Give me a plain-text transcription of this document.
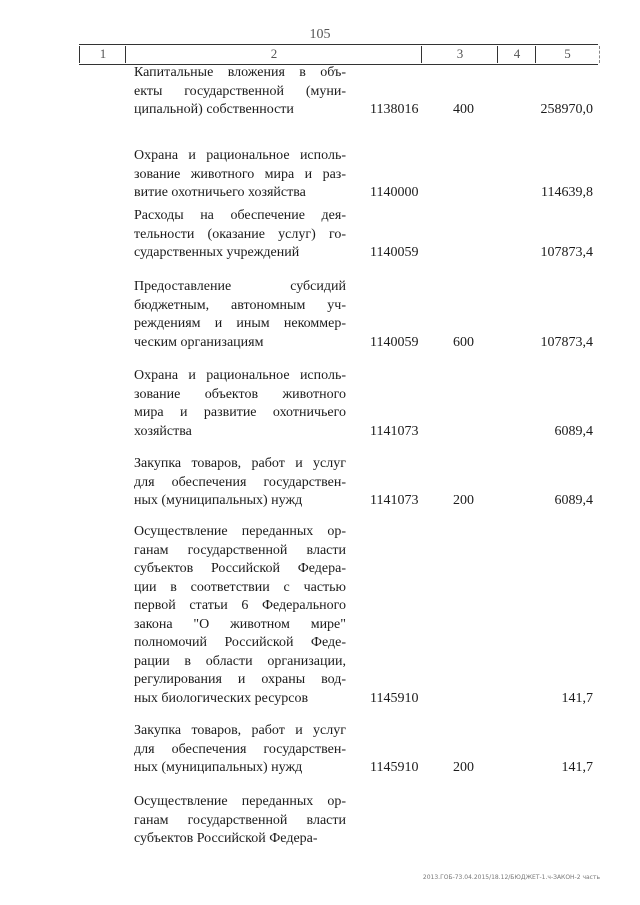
105
1	2	3	4	5
Капитальные вложения в объ-
екты государственной (муни-
ципальной) собственности	1138016 400	258970,0
Охрана и рациональное исполь-
зование животного мира и раз-
витие охотничьего хозяйства	1140000	114639,8
Расходы на обеспечение дея-
тельности (оказание услуг) го-
сударственных учреждений	1140059	107873,4
Предоставление субсидий
бюджетным, автономным уч-
реждениям и иным некоммер-
ческим организациям	1140059 600	107873,4
Охрана и рациональное исполь-
зование объектов животного
мира и развитие охотничьего
хозяйства	1141073	6089,4
Закупка товаров, работ и услуг
для обеспечения государствен-
ных (муниципальных) нужд	1141073 200	6089,4
Осуществление переданных ор-
ганам государственной власти
субъектов Российской Федера-
ции в соответствии с частью
первой статьи 6 Федерального
закона "О животном мире"
полномочий Российской Феде-
рации в области организации,
регулирования и охраны вод-
ных биологических ресурсов	1145910	141,7
Закупка товаров, работ и услуг
для обеспечения государствен-
ных (муниципальных) нужд	1145910 200	141,7
Осуществление переданных ор-
ганам государственной власти
субъектов Российской Федера-
2013.ГОБ-73.04.2015/18.12/БЮДЖЕТ-1.ч-ЗАКОН-2 часть
